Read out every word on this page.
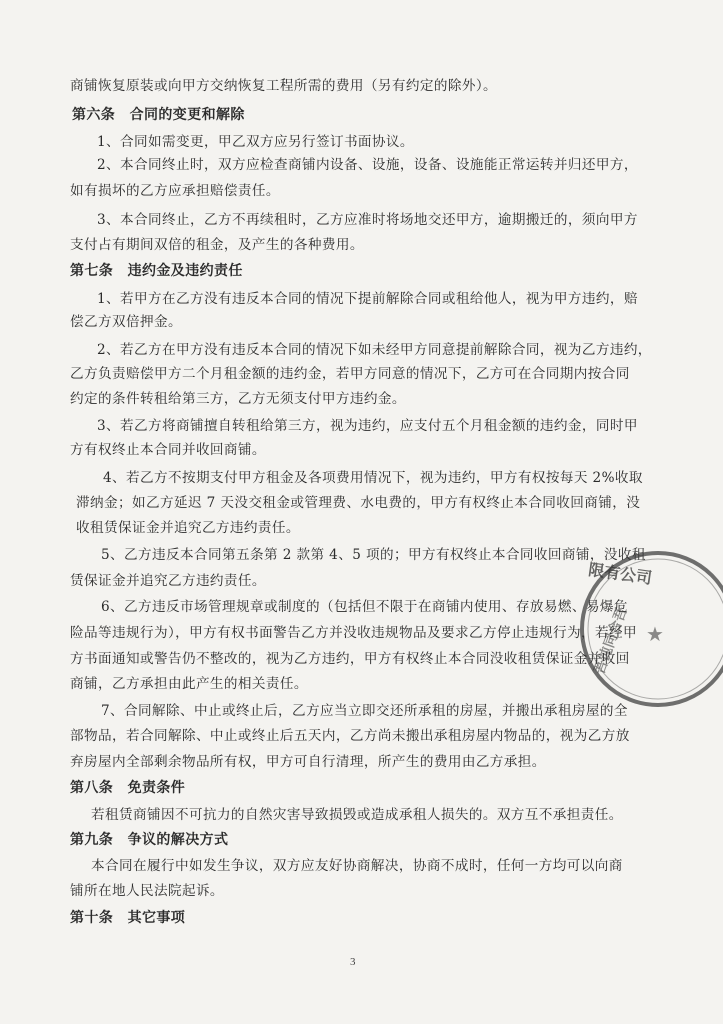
商铺恢复原装或向甲方交纳恢复工程所需的费用（另有约定的除外）。
第六条　合同的变更和解除
1、合同如需变更，甲乙双方应另行签订书面协议。
2、本合同终止时，双方应检查商铺内设备、设施，设备、设施能正常运转并归还甲方，
如有损坏的乙方应承担赔偿责任。
3、本合同终止，乙方不再续租时，乙方应准时将场地交还甲方，逾期搬迁的，须向甲方
支付占有期间双倍的租金，及产生的各种费用。
第七条　违约金及违约责任
1、若甲方在乙方没有违反本合同的情况下提前解除合同或租给他人，视为甲方违约，赔
偿乙方双倍押金。
2、若乙方在甲方没有违反本合同的情况下如未经甲方同意提前解除合同，视为乙方违约，
乙方负责赔偿甲方二个月租金额的违约金，若甲方同意的情况下，乙方可在合同期内按合同
约定的条件转租给第三方，乙方无须支付甲方违约金。
3、若乙方将商铺擅自转租给第三方，视为违约，应支付五个月租金额的违约金，同时甲
方有权终止本合同并收回商铺。
4、若乙方不按期支付甲方租金及各项费用情况下，视为违约，甲方有权按每天 2%收取
滞纳金；如乙方延迟 7 天没交租金或管理费、水电费的，甲方有权终止本合同收回商铺，没
收租赁保证金并追究乙方违约责任。
5、乙方违反本合同第五条第 2 款第 4、5 项的；甲方有权终止本合同收回商铺，没收租
赁保证金并追究乙方违约责任。
6、乙方违反市场管理规章或制度的（包括但不限于在商铺内使用、存放易燃、易爆危
险品等违规行为），甲方有权书面警告乙方并没收违规物品及要求乙方停止违规行为，若经甲
方书面通知或警告仍不整改的，视为乙方违约，甲方有权终止本合同没收租赁保证金并收回
商铺，乙方承担由此产生的相关责任。
7、合同解除、中止或终止后，乙方应当立即交还所承租的房屋，并搬出承租房屋的全
部物品，若合同解除、中止或终止后五天内，乙方尚未搬出承租房屋内物品的，视为乙方放
弃房屋内全部剩余物品所有权，甲方可自行清理，所产生的费用由乙方承担。
第八条　免责条件
若租赁商铺因不可抗力的自然灾害导致损毁或造成承租人损失的。双方互不承担责任。
第九条　争议的解决方式
本合同在履行中如发生争议，双方应友好协商解决，协商不成时，任何一方均可以向商
铺所在地人民法院起诉。
第十条　其它事项
3
限有公司
吾饨同合吾 ★
